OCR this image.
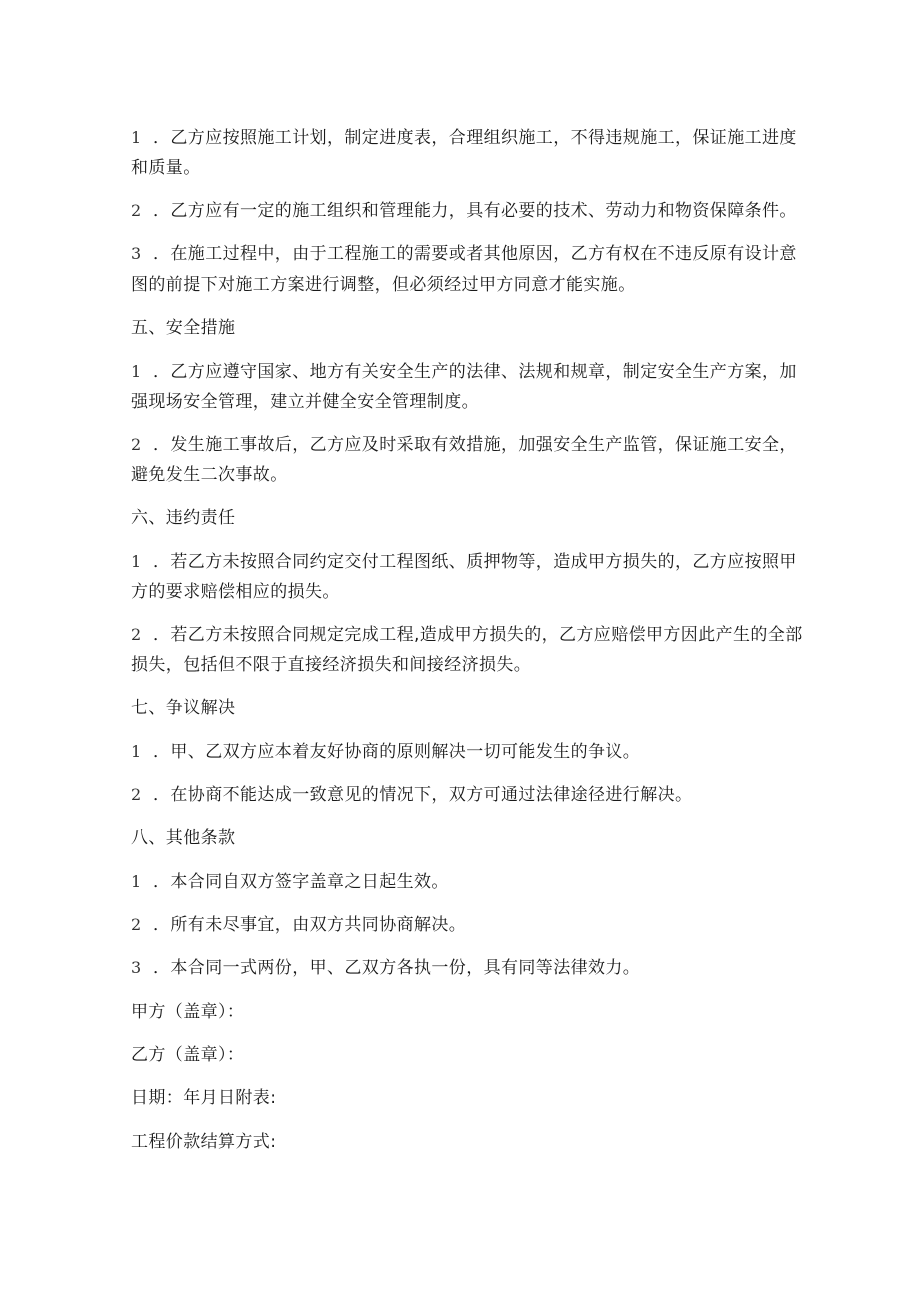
1 ．乙方应按照施工计划，制定进度表，合理组织施工，不得违规施工，保证施工进度
和质量。
2 ．乙方应有一定的施工组织和管理能力，具有必要的技术、劳动力和物资保障条件。
3 ．在施工过程中，由于工程施工的需要或者其他原因，乙方有权在不违反原有设计意
图的前提下对施工方案进行调整，但必须经过甲方同意才能实施。
五、安全措施
1 ．乙方应遵守国家、地方有关安全生产的法律、法规和规章，制定安全生产方案，加
强现场安全管理，建立并健全安全管理制度。
2 ．发生施工事故后，乙方应及时采取有效措施，加强安全生产监管，保证施工安全，
避免发生二次事故。
六、违约责任
1 ．若乙方未按照合同约定交付工程图纸、质押物等，造成甲方损失的，乙方应按照甲
方的要求赔偿相应的损失。
2 ．若乙方未按照合同规定完成工程,造成甲方损失的，乙方应赔偿甲方因此产生的全部
损失，包括但不限于直接经济损失和间接经济损失。
七、争议解决
1 ．甲、乙双方应本着友好协商的原则解决一切可能发生的争议。
2 ．在协商不能达成一致意见的情况下，双方可通过法律途径进行解决。
八、其他条款
1 ．本合同自双方签字盖章之日起生效。
2 ．所有未尽事宜，由双方共同协商解决。
3 ．本合同一式两份，甲、乙双方各执一份，具有同等法律效力。
甲方（盖章）：
乙方（盖章）：
日期：年月日附表:
工程价款结算方式:
